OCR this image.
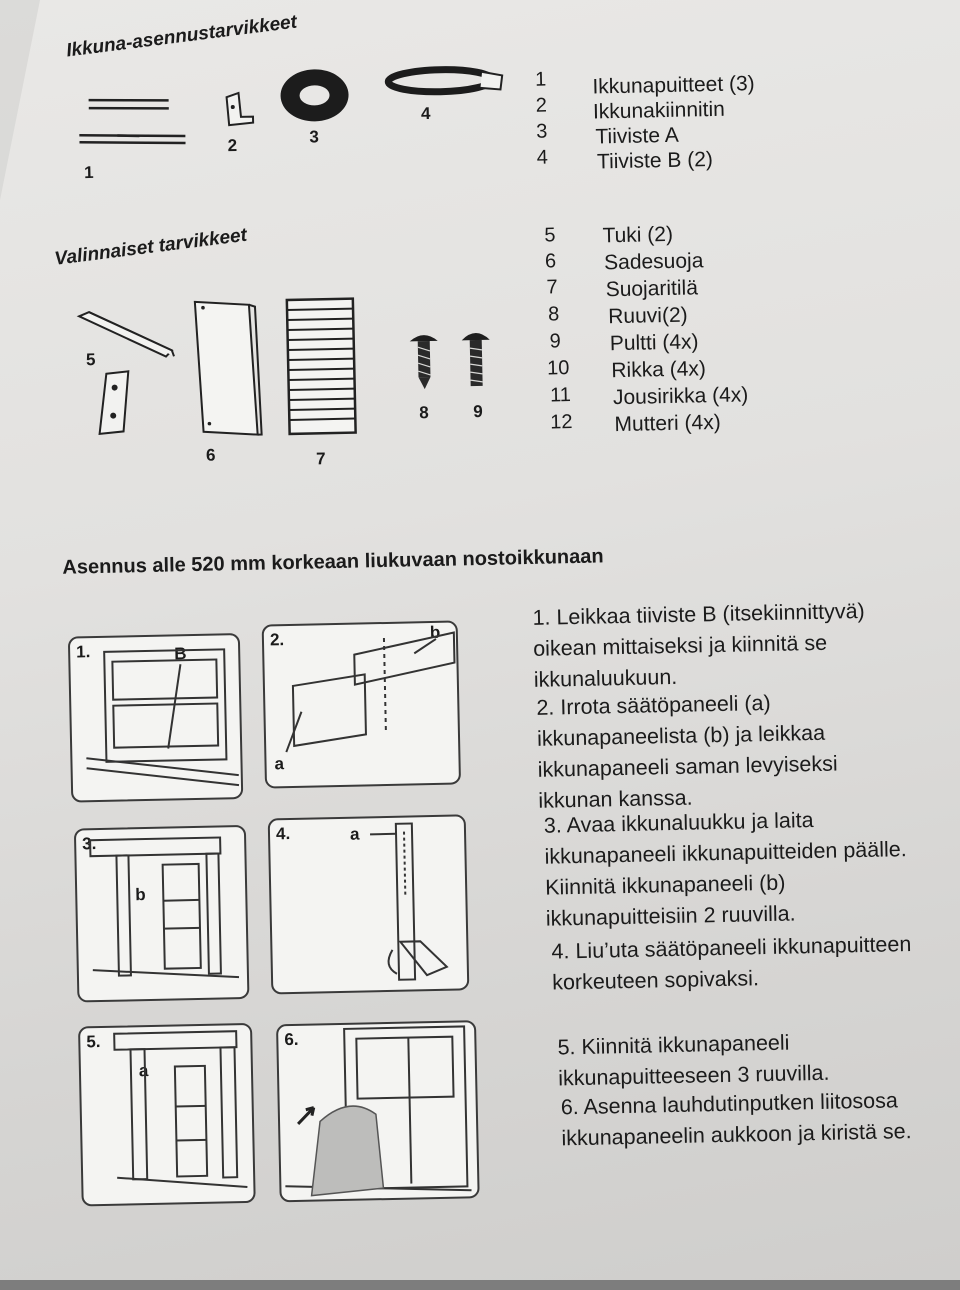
Ikkuna-asennustarvikkeet
1
2	3
4
1 Ikkunapuitteet (3)
2 Ikkunakiinnitin
3 Tiiviste A
4 Tiiviste B (2)
Valinnaiset tarvikkeet
5
6	7
8	9
5 Tuki (2)
6 Sadesuoja
7 Suojaritilä
8 Ruuvi(2)
9 Pultti (4x)
10 Rikka (4x)
11 Jousirikka (4x)
12 Mutteri (4x)
Asennus alle 520 mm korkeaan liukuvaan nostoikkunaan
1.	B
2.
a
b
3.
b
4.	a
5.
a
6.
1. Leikkaa tiiviste B (itsekiinnittyvä) oikean mittaiseksi ja kiinnitä se ikkunaluukuun.
2. Irrota säätöpaneeli (a) ikkunapaneelista (b) ja leikkaa ikkunapaneeli saman levyiseksi ikkunan kanssa.
3. Avaa ikkunaluukku ja laita ikkunapaneeli ikkunapuitteiden päälle. Kiinnitä ikkunapaneeli (b) ikkunapuitteisiin 2 ruuvilla.
4. Liu’uta säätöpaneeli ikkunapuitteen korkeuteen sopivaksi.
5. Kiinnitä ikkunapaneeli ikkunapuitteeseen 3 ruuvilla.
6. Asenna lauhdutinputken liitososa ikkunapaneelin aukkoon ja kiristä se.
